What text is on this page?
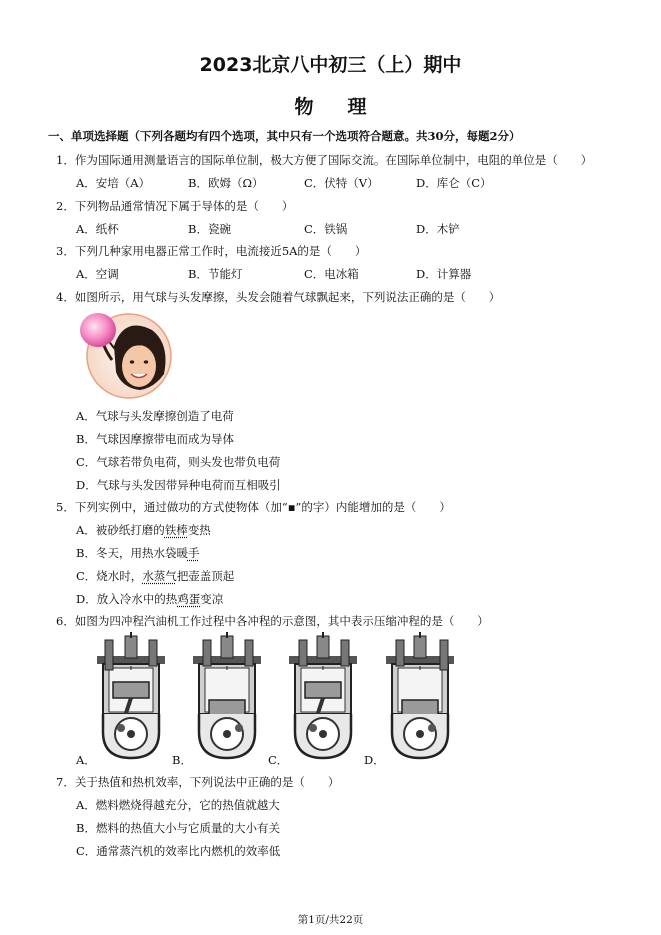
2023北京八中初三（上）期中
物理
一、单项选择题（下列各题均有四个选项，其中只有一个选项符合题意。共30分，每题2分）
1．作为国际通用测量语言的国际单位制，极大方便了国际交流。在国际单位制中，电阻的单位是（　　）
A．安培（A）	B．欧姆（Ω）	C．伏特（V）	D．库仑（C）
2．下列物品通常情况下属于导体的是（　　）
A．纸杯	B．瓷碗	C．铁锅	D．木铲
3．下列几种家用电器正常工作时，电流接近5A的是（　　）
A．空调	B．节能灯	C．电冰箱	D．计算器
4．如图所示，用气球与头发摩擦，头发会随着气球飘起来，下列说法正确的是（　　）
A．气球与头发摩擦创造了电荷
B．气球因摩擦带电而成为导体
C．气球若带负电荷，则头发也带负电荷
D．气球与头发因带异种电荷而互相吸引
5．下列实例中，通过做功的方式使物体（加“▪”的字）内能增加的是（　　）
A．被砂纸打磨的铁棒变热
B．冬天，用热水袋暖手
C．烧水时，水蒸气把壶盖顶起
D．放入冷水中的热鸡蛋变凉
6．如图为四冲程汽油机工作过程中各冲程的示意图，其中表示压缩冲程的是（　　）
A．	B．	C．	D．
7．关于热值和热机效率，下列说法中正确的是（　　）
A．燃料燃烧得越充分，它的热值就越大
B．燃料的热值大小与它质量的大小有关
C．通常蒸汽机的效率比内燃机的效率低
第1页/共22页
